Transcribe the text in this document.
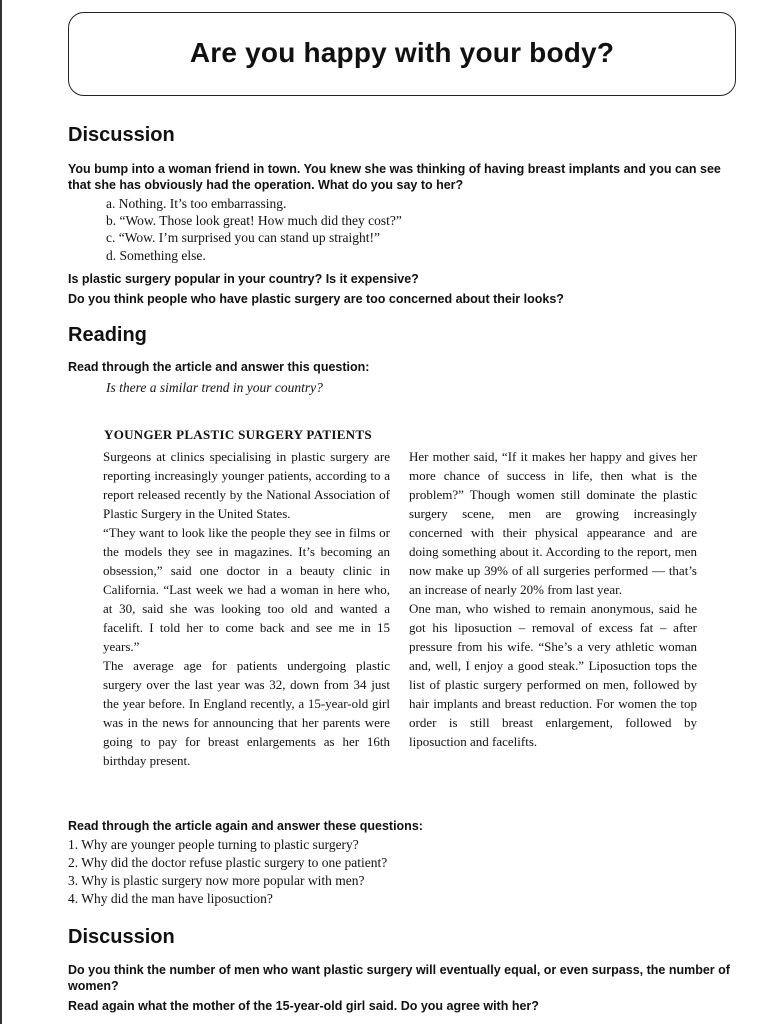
Are you happy with your body?
Discussion
You bump into a woman friend in town. You knew she was thinking of having breast implants and you can see that she has obviously had the operation. What do you say to her?
a. Nothing. It’s too embarrassing.
b. “Wow. Those look great! How much did they cost?”
c. “Wow. I’m surprised you can stand up straight!”
d. Something else.
Is plastic surgery popular in your country? Is it expensive?
Do you think people who have plastic surgery are too concerned about their looks?
Reading
Read through the article and answer this question:
Is there a similar trend in your country?
YOUNGER PLASTIC SURGERY PATIENTS

Surgeons at clinics specialising in plastic surgery are reporting increasingly younger patients, according to a report released recently by the National Association of Plastic Surgery in the United States.

“They want to look like the people they see in films or the models they see in magazines. It’s becoming an obsession,” said one doctor in a beauty clinic in California. “Last week we had a woman in here who, at 30, said she was looking too old and wanted a facelift. I told her to come back and see me in 15 years.”

The average age for patients undergoing plastic surgery over the last year was 32, down from 34 just the year before. In England recently, a 15-year-old girl was in the news for announcing that her parents were going to pay for breast enlargements as her 16th birthday present.

Her mother said, “If it makes her happy and gives her more chance of success in life, then what is the problem?” Though women still dominate the plastic surgery scene, men are growing increasingly concerned with their physical appearance and are doing something about it. According to the report, men now make up 39% of all surgeries performed — that’s an increase of nearly 20% from last year.

One man, who wished to remain anonymous, said he got his liposuction – removal of excess fat – after pressure from his wife. “She’s a very athletic woman and, well, I enjoy a good steak.” Liposuction tops the list of plastic surgery performed on men, followed by hair implants and breast reduction. For women the top order is still breast enlargement, followed by liposuction and facelifts.

Read through the article again and answer these questions:
1. Why are younger people turning to plastic surgery?
2. Why did the doctor refuse plastic surgery to one patient?
3. Why is plastic surgery now more popular with men?
4. Why did the man have liposuction?
Discussion
Do you think the number of men who want plastic surgery will eventually equal, or even surpass, the number of women?
Read again what the mother of the 15-year-old girl said. Do you agree with her?
